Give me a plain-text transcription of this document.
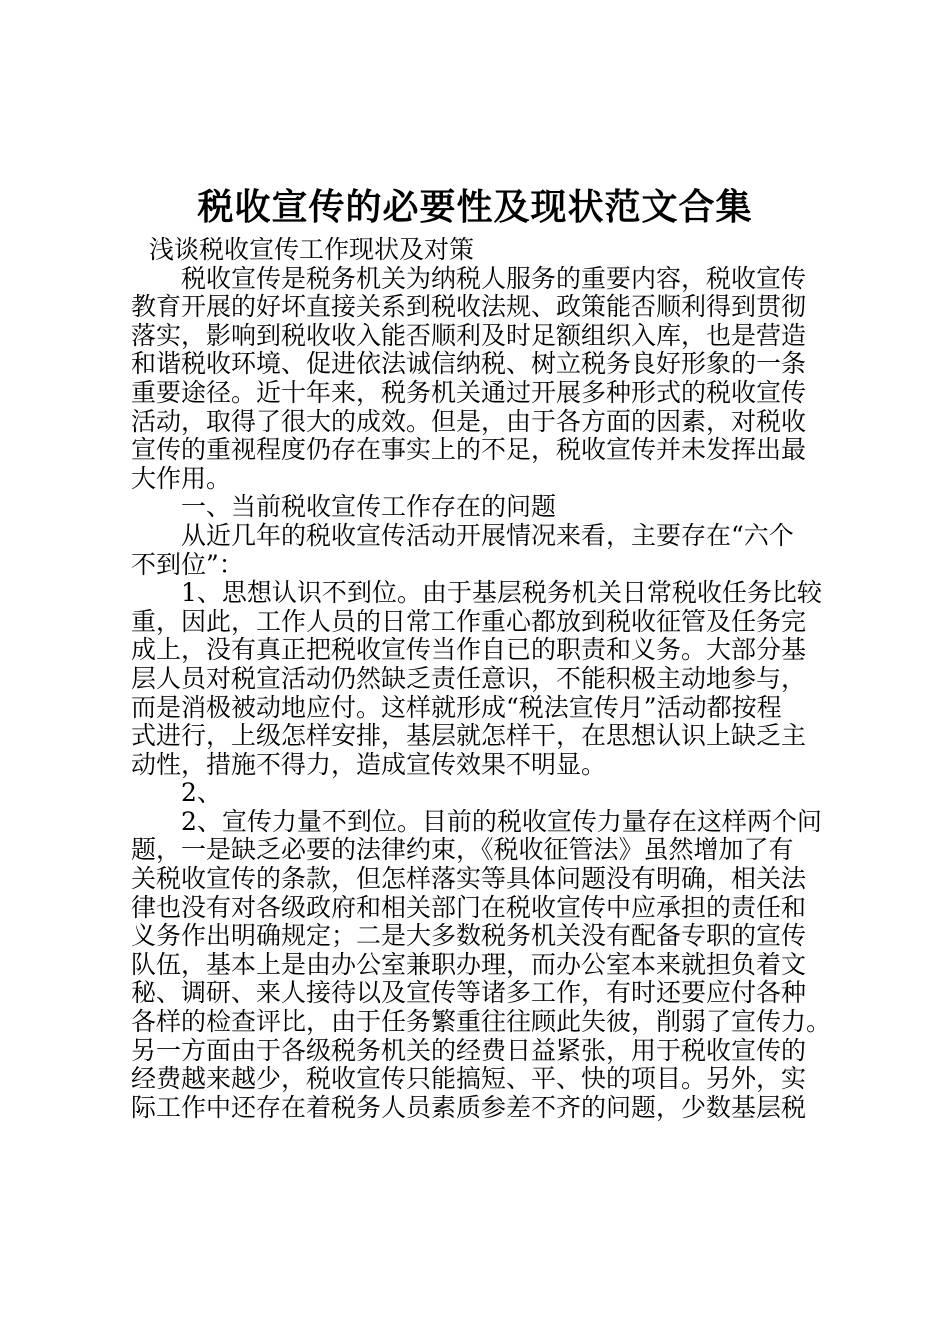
税收宣传的必要性及现状范文合集
浅谈税收宣传工作现状及对策
税收宣传是税务机关为纳税人服务的重要内容，税收宣传
教育开展的好坏直接关系到税收法规、政策能否顺利得到贯彻
落实，影响到税收收入能否顺利及时足额组织入库，也是营造
和谐税收环境、促进依法诚信纳税、树立税务良好形象的一条
重要途径。近十年来，税务机关通过开展多种形式的税收宣传
活动，取得了很大的成效。但是，由于各方面的因素，对税收
宣传的重视程度仍存在事实上的不足，税收宣传并未发挥出最
大作用。
一、当前税收宣传工作存在的问题
从近几年的税收宣传活动开展情况来看，主要存在“六个
不到位”：
1、思想认识不到位。由于基层税务机关日常税收任务比较
重，因此，工作人员的日常工作重心都放到税收征管及任务完
成上，没有真正把税收宣传当作自已的职责和义务。大部分基
层人员对税宣活动仍然缺乏责任意识，不能积极主动地参与，
而是消极被动地应付。这样就形成“税法宣传月”活动都按程
式进行，上级怎样安排，基层就怎样干，在思想认识上缺乏主
动性，措施不得力，造成宣传效果不明显。
2、
2、宣传力量不到位。目前的税收宣传力量存在这样两个问
题，一是缺乏必要的法律约束，《税收征管法》虽然增加了有
关税收宣传的条款，但怎样落实等具体问题没有明确，相关法
律也没有对各级政府和相关部门在税收宣传中应承担的责任和
义务作出明确规定；二是大多数税务机关没有配备专职的宣传
队伍，基本上是由办公室兼职办理，而办公室本来就担负着文
秘、调研、来人接待以及宣传等诸多工作，有时还要应付各种
各样的检查评比，由于任务繁重往往顾此失彼，削弱了宣传力。
另一方面由于各级税务机关的经费日益紧张，用于税收宣传的
经费越来越少，税收宣传只能搞短、平、快的项目。另外，实
际工作中还存在着税务人员素质参差不齐的问题，少数基层税
